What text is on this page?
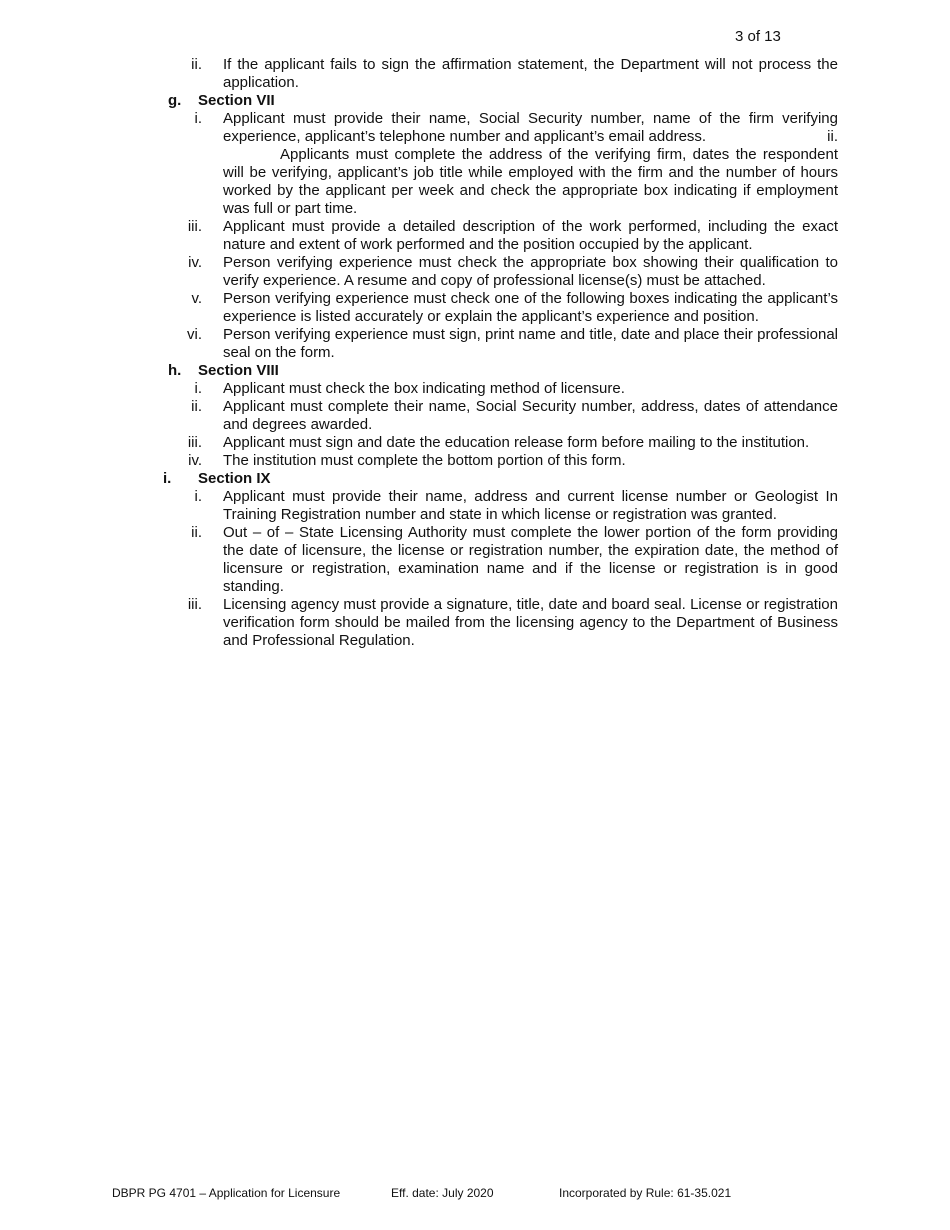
3 of 13
ii. If the applicant fails to sign the affirmation statement, the Department will not process the application.
g. Section VII
i. Applicant must provide their name, Social Security number, name of the firm verifying experience, applicant’s telephone number and applicant’s email address.	ii.
Applicants must complete the address of the verifying firm, dates the respondent will be verifying, applicant’s job title while employed with the firm and the number of hours worked by the applicant per week and check the appropriate box indicating if employment was full or part time.
iii. Applicant must provide a detailed description of the work performed, including the exact nature and extent of work performed and the position occupied by the applicant.
iv. Person verifying experience must check the appropriate box showing their qualification to verify experience. A resume and copy of professional license(s) must be attached.
v. Person verifying experience must check one of the following boxes indicating the applicant’s experience is listed accurately or explain the applicant’s experience and position.
vi. Person verifying experience must sign, print name and title, date and place their professional seal on the form.
h. Section VIII
i. Applicant must check the box indicating method of licensure.
ii. Applicant must complete their name, Social Security number, address, dates of attendance and degrees awarded.
iii. Applicant must sign and date the education release form before mailing to the institution.
iv. The institution must complete the bottom portion of this form.
i. Section IX
i. Applicant must provide their name, address and current license number or Geologist In Training Registration number and state in which license or registration was granted.
ii. Out – of – State Licensing Authority must complete the lower portion of the form providing the date of licensure, the license or registration number, the expiration date, the method of licensure or registration, examination name and if the license or registration is in good standing.
iii. Licensing agency must provide a signature, title, date and board seal. License or registration verification form should be mailed from the licensing agency to the Department of Business and Professional Regulation.
DBPR PG 4701 – Application for Licensure	Eff. date: July 2020	Incorporated by Rule: 61-35.021
